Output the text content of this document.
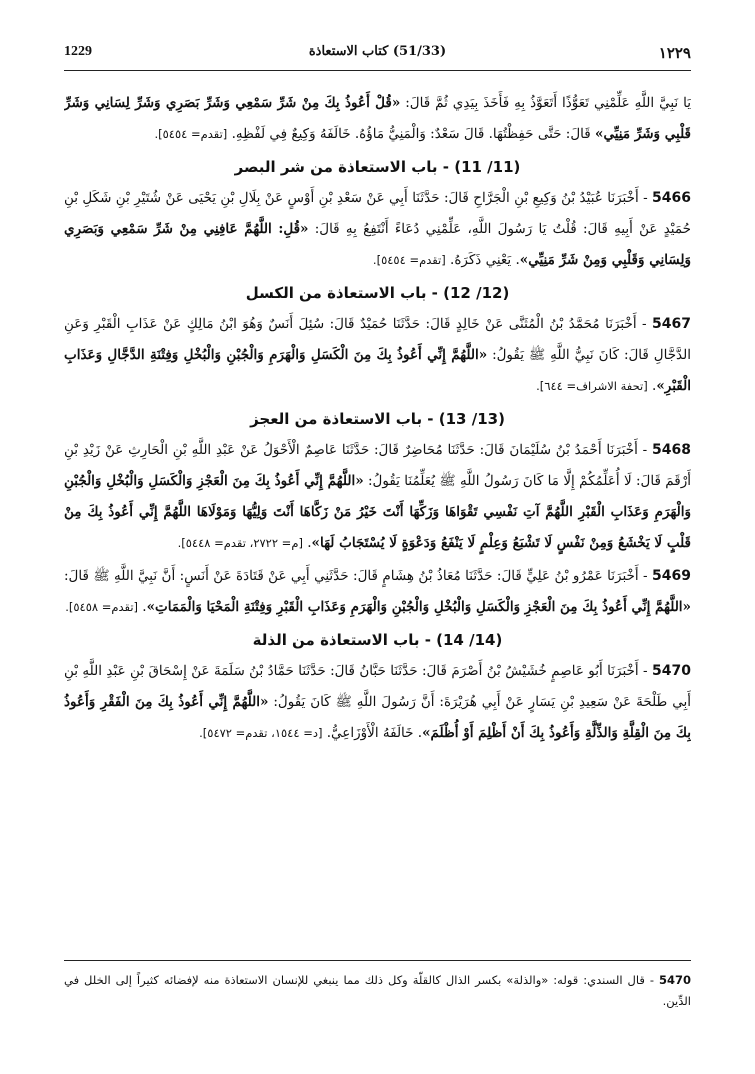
١٢٢٩
(51/33) كتاب الاستعاذة
1229

يَا نَبِيَّ اللَّهِ عَلِّمْنِي تَعَوُّذًا أَتَعَوَّذُ بِهِ فَأَخَذَ بِيَدِي ثُمَّ قَالَ: «قُلْ أَعُوذُ بِكَ مِنْ شَرِّ سَمْعِي وَشَرِّ بَصَرِي وَشَرِّ لِسَانِي وَشَرِّ قَلْبِي وَشَرِّ مَنِيِّي» قَالَ: حَتَّى حَفِظْتُهَا. قَالَ سَعْدٌ: وَالْمَنِيُّ مَاؤُهُ. خَالَفَهُ وَكِيعٌ فِي لَفْظِهِ. [تقدم= ٥٤٥٤].

(11/ 11) - باب الاستعاذة من شر البصر

5466 - أَخْبَرَنَا عُبَيْدُ بْنُ وَكِيعِ بْنِ الْجَرَّاحِ قَالَ: حَدَّثَنَا أَبِي عَنْ سَعْدِ بْنِ أَوْسٍ عَنْ بِلَالِ بْنِ يَحْيَى عَنْ شُتَيْرِ بْنِ شَكَلِ بْنِ حُمَيْدٍ عَنْ أَبِيهِ قَالَ: قُلْتُ يَا رَسُولَ اللَّهِ، عَلِّمْنِي دُعَاءً أَنْتَفِعُ بِهِ قَالَ: «قُلِ: اللَّهُمَّ عَافِنِي مِنْ شَرِّ سَمْعِي وَبَصَرِي وَلِسَانِي وَقَلْبِي وَمِنْ شَرِّ مَنِيِّي». يَعْنِي ذَكَرَهُ. [تقدم= ٥٤٥٤].

(12/ 12) - باب الاستعاذة من الكسل

5467 - أَخْبَرَنَا مُحَمَّدُ بْنُ الْمُثَنَّى عَنْ خَالِدٍ قَالَ: حَدَّثَنَا حُمَيْدٌ قَالَ: سُئِلَ أَنَسٌ وَهُوَ ابْنُ مَالِكٍ عَنْ عَذَابِ الْقَبْرِ وَعَنِ الدَّجَّالِ قَالَ: كَانَ نَبِيُّ اللَّهِ ﷺ يَقُولُ: «اللَّهُمَّ إِنِّي أَعُوذُ بِكَ مِنَ الْكَسَلِ وَالْهَرَمِ وَالْجُبْنِ وَالْبُخْلِ وَفِتْنَةِ الدَّجَّالِ وَعَذَابِ الْقَبْرِ». [تحفة الاشراف= ٦٤٤].

(13/ 13) - باب الاستعاذة من العجز

5468 - أَخْبَرَنَا أَحْمَدُ بْنُ سُلَيْمَانَ قَالَ: حَدَّثَنَا مُحَاضِرٌ قَالَ: حَدَّثَنَا عَاصِمٌ الْأَحْوَلُ عَنْ عَبْدِ اللَّهِ بْنِ الْحَارِثِ عَنْ زَيْدِ بْنِ أَرْقَمَ قَالَ: لَا أُعَلِّمُكُمْ إِلَّا مَا كَانَ رَسُولُ اللَّهِ ﷺ يُعَلِّمُنَا يَقُولُ: «اللَّهُمَّ إِنِّي أَعُوذُ بِكَ مِنَ الْعَجْزِ وَالْكَسَلِ وَالْبُخْلِ وَالْجُبْنِ وَالْهَرَمِ وَعَذَابِ الْقَبْرِ اللَّهُمَّ آتِ نَفْسِي تَقْوَاهَا وَزَكِّهَا أَنْتَ خَيْرُ مَنْ زَكَّاهَا أَنْتَ وَلِيُّهَا وَمَوْلَاهَا اللَّهُمَّ إِنِّي أَعُوذُ بِكَ مِنْ قَلْبٍ لَا يَخْشَعُ وَمِنْ نَفْسٍ لَا تَشْبَعُ وَعِلْمٍ لَا يَنْفَعُ وَدَعْوَةٍ لَا يُسْتَجَابُ لَهَا». [م= ٢٧٢٢، تقدم= ٥٤٤٨].

5469 - أَخْبَرَنَا عَمْرُو بْنُ عَلِيٍّ قَالَ: حَدَّثَنَا مُعَاذُ بْنُ هِشَامٍ قَالَ: حَدَّثَنِي أَبِي عَنْ قَتَادَةَ عَنْ أَنَسٍ: أَنَّ نَبِيَّ اللَّهِ ﷺ قَالَ: «اللَّهُمَّ إِنِّي أَعُوذُ بِكَ مِنَ الْعَجْزِ وَالْكَسَلِ وَالْبُخْلِ وَالْجُبْنِ وَالْهَرَمِ وَعَذَابِ الْقَبْرِ وَفِتْنَةِ الْمَحْيَا وَالْمَمَاتِ». [تقدم= ٥٤٥٨].

(14/ 14) - باب الاستعاذة من الذلة

5470 - أَخْبَرَنَا أَبُو عَاصِمٍ خُشَيْشُ بْنُ أَصْرَمَ قَالَ: حَدَّثَنَا حَبَّانُ قَالَ: حَدَّثَنَا حَمَّادُ بْنُ سَلَمَةَ عَنْ إِسْحَاقَ بْنِ عَبْدِ اللَّهِ بْنِ أَبِي طَلْحَةَ عَنْ سَعِيدِ بْنِ يَسَارٍ عَنْ أَبِي هُرَيْرَةَ: أَنَّ رَسُولَ اللَّهِ ﷺ كَانَ يَقُولُ: «اللَّهُمَّ إِنِّي أَعُوذُ بِكَ مِنَ الْفَقْرِ وَأَعُوذُ بِكَ مِنَ الْقِلَّةِ وَالذِّلَّةِ وَأَعُوذُ بِكَ أَنْ أَظْلِمَ أَوْ أُظْلَمَ». خَالَفَهُ الْأَوْزَاعِيُّ. [د= ١٥٤٤، تقدم= ٥٤٧٢].

5470 - قال السندي: قوله: «والذلة» بكسر الذال كالقلّة وكل ذلك مما ينبغي للإنسان الاستعاذة منه لإفضائه كثيراً إلى الخلل في الدِّين.
